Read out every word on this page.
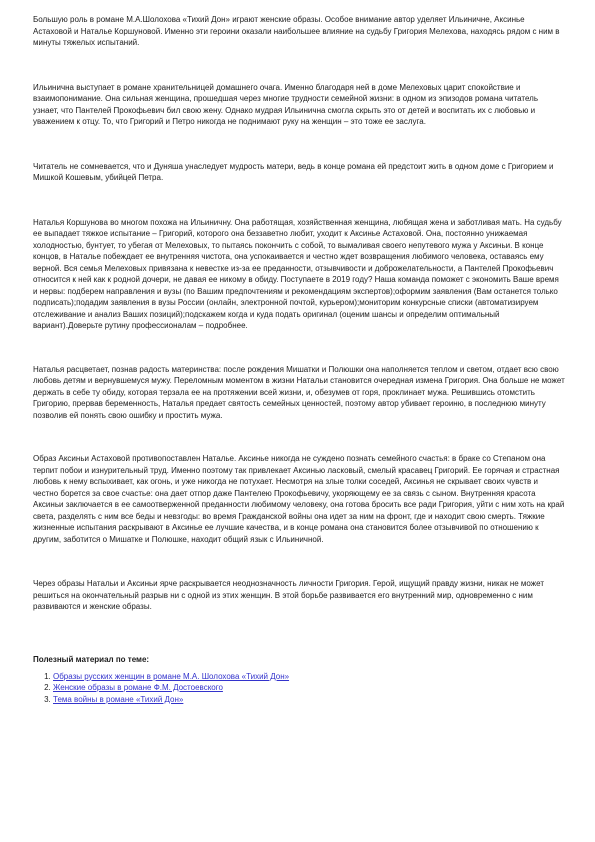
Большую роль в романе М.А.Шолохова «Тихий Дон» играют женские образы. Особое внимание автор уделяет Ильиничне, Аксинье Астаховой и Наталье Коршуновой. Именно эти героини оказали наибольшее влияние на судьбу Григория Мелехова, находясь рядом с ним в минуты тяжелых испытаний.

Ильинична выступает в романе хранительницей домашнего очага. Именно благодаря ней в доме Мелеховых царит спокойствие и взаимопонимание. Она сильная женщина, прошедшая через многие трудности семейной жизни: в одном из эпизодов романа читатель узнает, что Пантелей Прокофьевич бил свою жену. Однако мудрая Ильинична смогла скрыть это от детей и воспитать их с любовью и уважением к отцу. То, что Григорий и Петро никогда не поднимают руку на женщин – это тоже ее заслуга.

Читатель не сомневается, что и Дуняша унаследует мудрость матери, ведь в конце романа ей предстоит жить в одном доме с Григорием и Мишкой Кошевым, убийцей Петра.

Наталья Коршунова во многом похожа на Ильиничну. Она работящая, хозяйственная женщина, любящая жена и заботливая мать. На судьбу ее выпадает тяжкое испытание – Григорий, которого она беззаветно любит, уходит к Аксинье Астаховой. Она, постоянно унижаемая холодностью, бунтует, то убегая от Мелеховых, то пытаясь покончить с собой, то вымаливая своего непутевого мужа у Аксиньи. В конце концов, в Наталье побеждает ее внутренняя чистота, она успокаивается и честно ждет возвращения любимого человека, оставаясь ему верной. Вся семья Мелеховых привязана к невестке из-за ее преданности, отзывчивости и доброжелательности, а Пантелей Прокофьевич относится к ней как к родной дочери, не давая ее никому в обиду. Поступаете в 2019 году? Наша команда поможет с экономить Ваше время и нервы: подберем направления и вузы (по Вашим предпочтениям и рекомендациям экспертов);оформим заявления (Вам останется только подписать);подадим заявления в вузы России (онлайн, электронной почтой, курьером);мониторим конкурсные списки (автоматизируем отслеживание и анализ Ваших позиций);подскажем когда и куда подать оригинал (оценим шансы и определим оптимальный вариант).Доверьте рутину профессионалам – подробнее.

Наталья расцветает, познав радость материнства: после рождения Мишатки и Полюшки она наполняется теплом и светом, отдает всю свою любовь детям и вернувшемуся мужу. Переломным моментом в жизни Натальи становится очередная измена Григория. Она больше не может держать в себе ту обиду, которая терзала ее на протяжении всей жизни, и, обезумев от горя, проклинает мужа. Решившись отомстить Григорию, прервав беременность, Наталья предает святость семейных ценностей, поэтому автор убивает героиню, в последнюю минуту позволив ей понять свою ошибку и простить мужа.

Образ Аксиньи Астаховой противопоставлен Наталье. Аксинье никогда не суждено познать семейного счастья: в браке со Степаном она терпит побои и изнурительный труд. Именно поэтому так привлекает Аксинью ласковый, смелый красавец Григорий. Ее горячая и страстная любовь к нему вспыхивает, как огонь, и уже никогда не потухает. Несмотря на злые толки соседей, Аксинья не скрывает своих чувств и честно борется за свое счастье: она дает отпор даже Пантелею Прокофьевичу, укоряющему ее за связь с сыном. Внутренняя красота Аксиньи заключается в ее самоотверженной преданности любимому человеку, она готова бросить все ради Григория, уйти с ним хоть на край света, разделять с ним все беды и невзгоды: во время Гражданской войны она идет за ним на фронт, где и находит свою смерть. Тяжкие жизненные испытания раскрывают в Аксинье ее лучшие качества, и в конце романа она становится более отзывчивой по отношению к другим, заботится о Мишатке и Полюшке, находит общий язык с Ильиничной.

Через образы Натальи и Аксиньи ярче раскрывается неоднозначность личности Григория. Герой, ищущий правду жизни, никак не может решиться на окончательный разрыв ни с одной из этих женщин. В этой борьбе развивается его внутренний мир, одновременно с ним развиваются и женские образы.

Полезный материал по теме:

1. Образы русских женщин в романе М.А. Шолохова «Тихий Дон»
2. Женские образы в романе Ф.М. Достоевского
3. Тема войны в романе «Тихий Дон»
